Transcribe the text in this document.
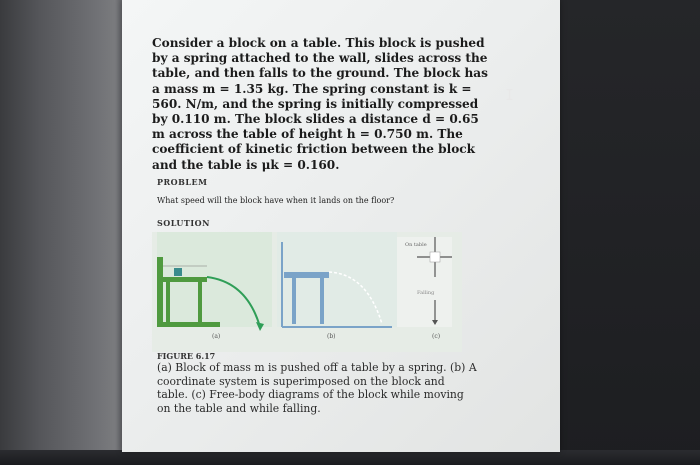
Consider a block on a table. This block is pushed by a spring attached to the wall, slides across the table, and then falls to the ground. The block has a mass m = 1.35 kg. The spring constant is k = 560. N/m, and the spring is initially compressed by 0.110 m. The block slides a distance d = 0.65 m across the table of height h = 0.750 m. The coefficient of kinetic friction between the block and the table is μk = 0.160.

PROBLEM
What speed will the block have when it lands on the floor?
SOLUTION
(b)
On table
Falling
(c)
(a)
FIGURE 6.17

(a) Block of mass m is pushed off a table by a spring. (b) A coordinate system is superimposed on the block and table. (c) Free-body diagrams of the block while moving on the table and while falling.

I
